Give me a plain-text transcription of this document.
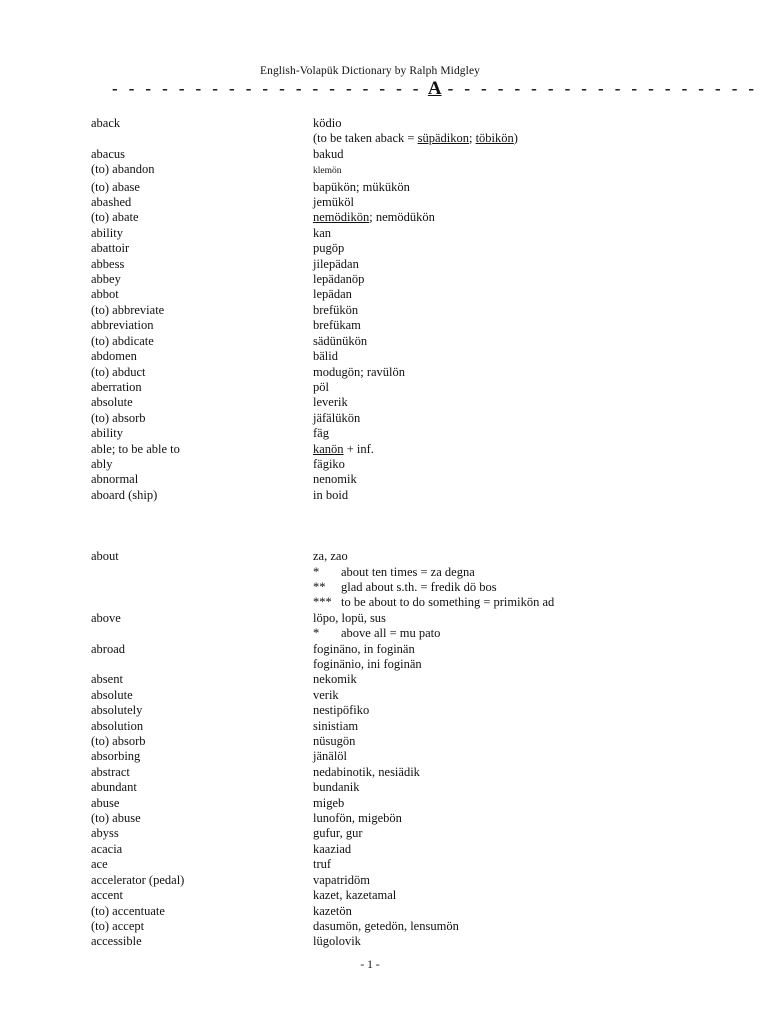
English-Volapük Dictionary by Ralph Midgley
- - - - - - - - - - - - - - - - - - - A - - - - - - - - - - - - - - - - - - -
aback	ködio
(to be taken aback = süpädikon; töbikön)
abacus	bakud
(to) abandon	klemön
(to) abase	bapükön; mükükön
abashed	jemüköl
(to) abate	nemödikön; nemödükön
ability	kan
abattoir	pugöp
abbess	jilepädan
abbey	lepädanöp
abbot	lepädan
(to) abbreviate	brefükön
abbreviation	brefükam
(to) abdicate	sädünükön
abdomen	bälid
(to) abduct	modugön; ravülön
aberration	pöl
absolute	leverik
(to) absorb	jäfälükön
ability	fäg
able; to be able to	kanön + inf.
ably	fägiko
abnormal	nenomik
aboard (ship)	in boid
about	za, zao
* about ten times = za degna
** glad about s.th. = fredik dö bos
*** to be about to do something = primikön ad
above	löpo, lopü, sus
* above all = mu pato
abroad	foginäno, in foginän
foginänio, ini foginän
absent	nekomik
absolute	verik
absolutely	nestipöfiko
absolution	sinistiam
(to) absorb	nüsugön
absorbing	jänälöl
abstract	nedabinotik, nesiädik
abundant	bundanik
abuse	migeb
(to) abuse	lunofön, migebön
abyss	gufur, gur
acacia	kaaziad
ace	truf
accelerator (pedal)	vapatridöm
accent	kazet, kazetamal
(to) accentuate	kazetön
(to) accept	dasumön, getedön, lensumön
accessible	lügolovik
- 1 -
